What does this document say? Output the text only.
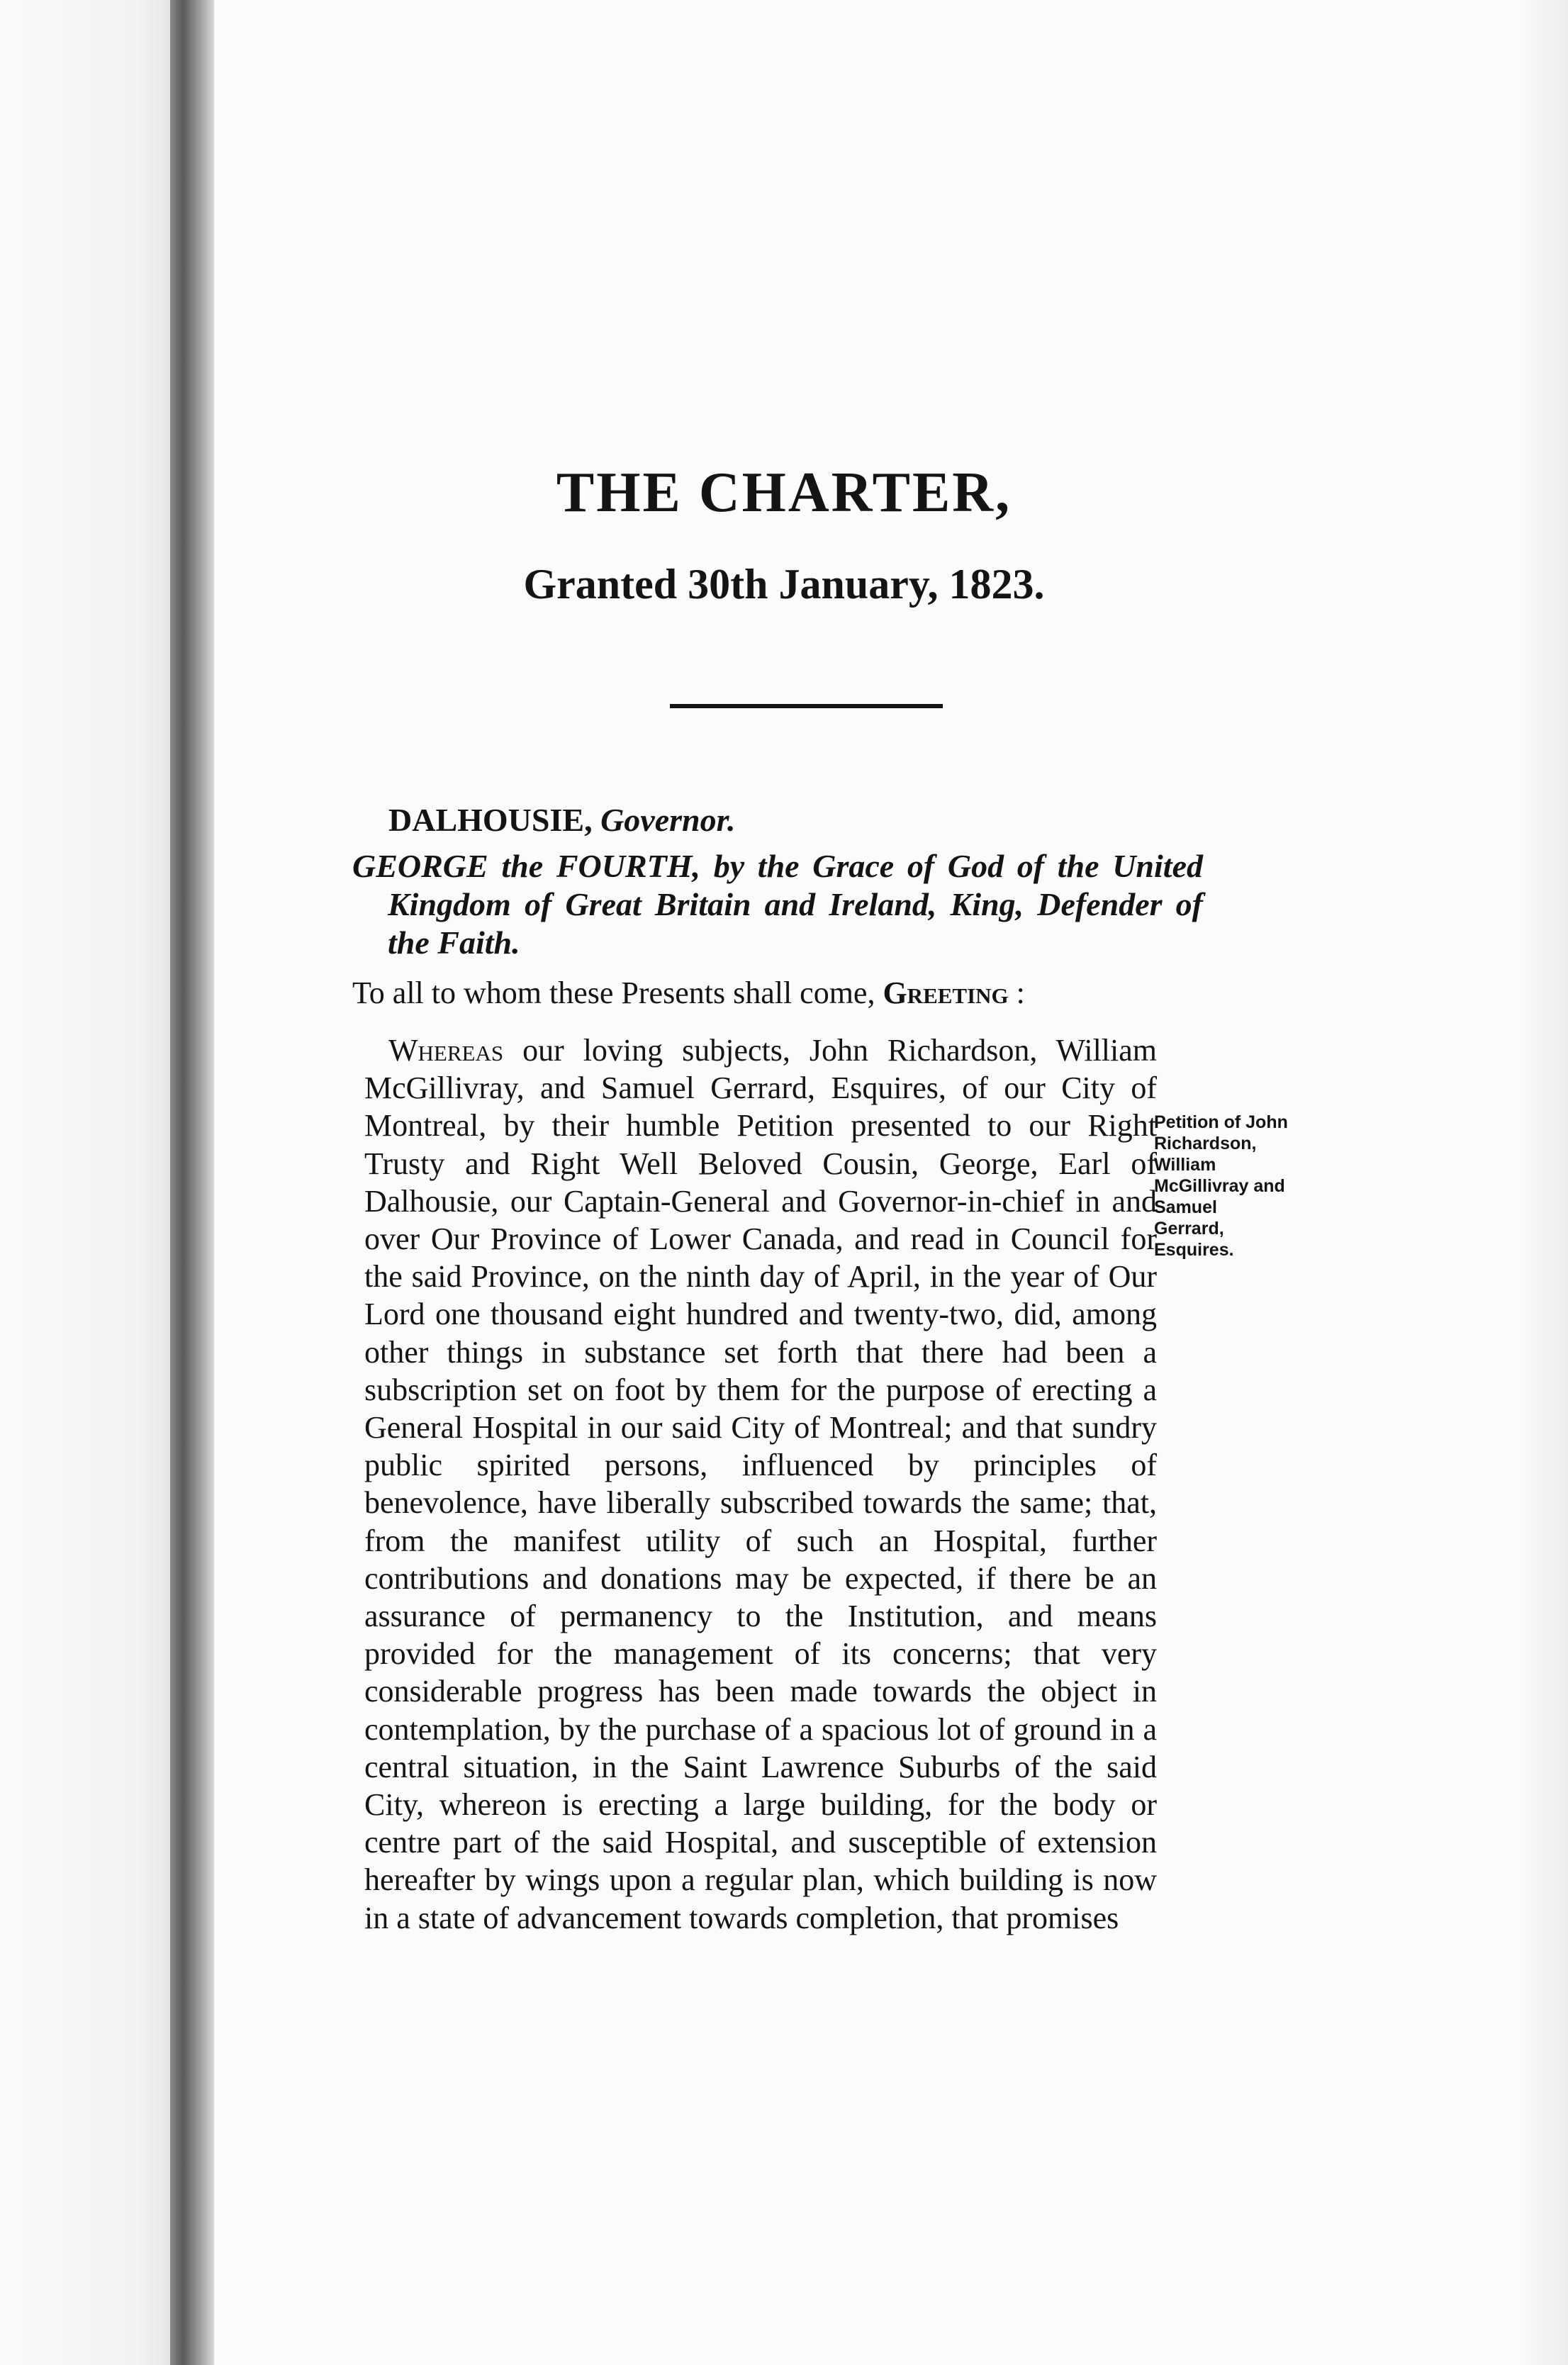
THE CHARTER,
Granted 30th January, 1823.

DALHOUSIE, Governor.

GEORGE the FOURTH, by the Grace of God of the United Kingdom of Great Britain and Ireland, King, Defender of the Faith.

To all to whom these Presents shall come, Greeting :

Whereas our loving subjects, John Richardson, William McGillivray, and Samuel Gerrard, Esquires, of our City of Montreal, by their humble Petition presented to our Right Trusty and Right Well Beloved Cousin, George, Earl of Dalhousie, our Captain-General and Governor-in-chief in and over Our Province of Lower Canada, and read in Council for the said Province, on the ninth day of April, in the year of Our Lord one thousand eight hundred and twenty-two, did, among other things in substance set forth that there had been a subscription set on foot by them for the purpose of erecting a General Hospital in our said City of Montreal; and that sundry public spirited persons, influenced by principles of benevolence, have liberally subscribed towards the same; that, from the manifest utility of such an Hospital, further contributions and donations may be expected, if there be an assurance of permanency to the Institution, and means provided for the management of its concerns; that very considerable progress has been made towards the object in contemplation, by the purchase of a spacious lot of ground in a central situation, in the Saint Lawrence Suburbs of the said City, whereon is erecting a large building, for the body or centre part of the said Hospital, and susceptible of extension hereafter by wings upon a regular plan, which building is now in a state of advancement towards completion, that promises

Petition of John Richardson, William McGillivray and Samuel Gerrard, Esquires.
